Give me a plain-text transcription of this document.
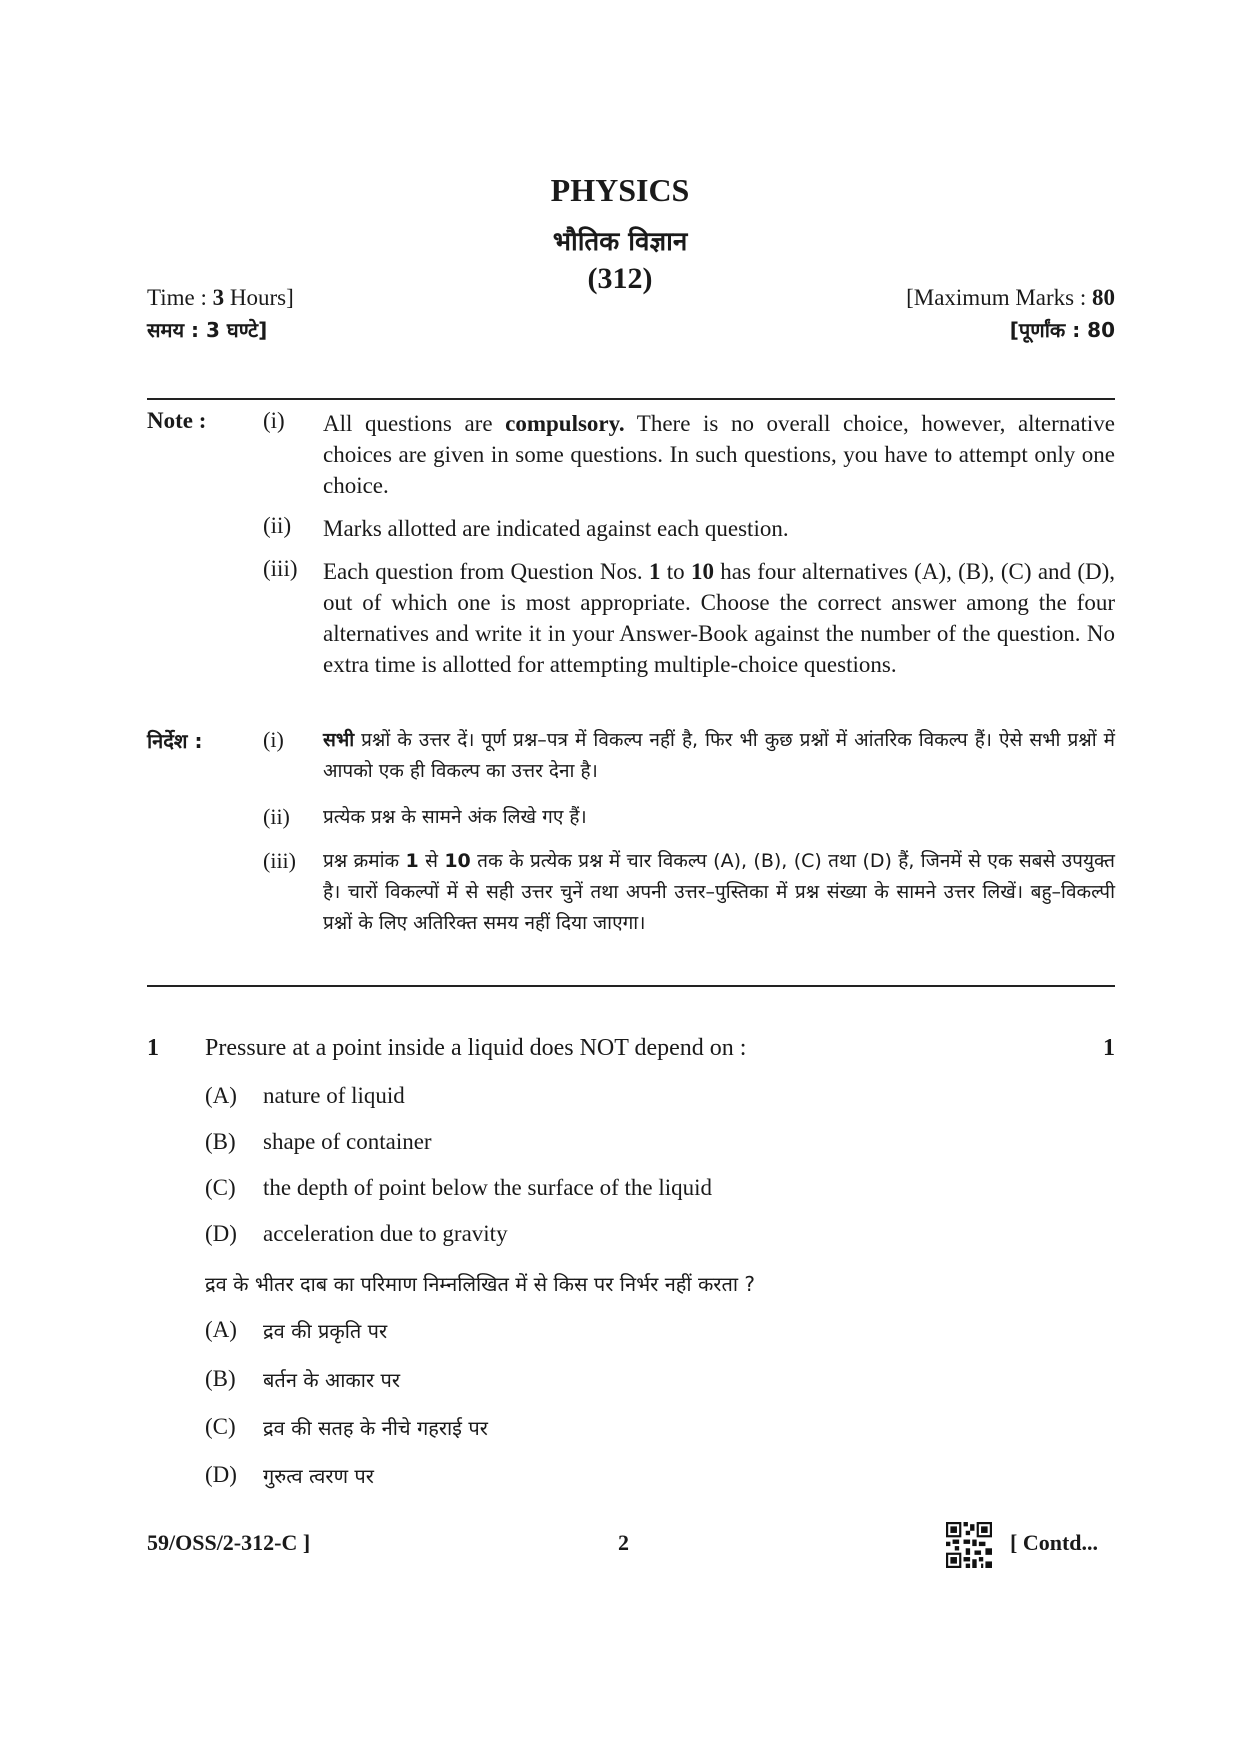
PHYSICS
भौतिक विज्ञान
(312)
Time : 3 Hours]	[Maximum Marks : 80
समय : 3 घण्टे]	[पूर्णांक : 80
Note : (i) All questions are compulsory. There is no overall choice, however, alternative choices are given in some questions. In such questions, you have to attempt only one choice.
(ii) Marks allotted are indicated against each question.
(iii) Each question from Question Nos. 1 to 10 has four alternatives (A), (B), (C) and (D), out of which one is most appropriate. Choose the correct answer among the four alternatives and write it in your Answer-Book against the number of the question. No extra time is allotted for attempting multiple-choice questions.
निर्देश :	(i) सभी प्रश्नों के उत्तर दें। पूर्ण प्रश्न–पत्र में विकल्प नहीं है, फिर भी कुछ प्रश्नों में आंतरिक विकल्प हैं। ऐसे सभी प्रश्नों में आपको एक ही विकल्प का उत्तर देना है।
(ii) प्रत्येक प्रश्न के सामने अंक लिखे गए हैं।
(iii) प्रश्न क्रमांक 1 से 10 तक के प्रत्येक प्रश्न में चार विकल्प (A), (B), (C) तथा (D) हैं, जिनमें से एक सबसे उपयुक्त है। चारों विकल्पों में से सही उत्तर चुनें तथा अपनी उत्तर–पुस्तिका में प्रश्न संख्या के सामने उत्तर लिखें। बहु–विकल्पी प्रश्नों के लिए अतिरिक्त समय नहीं दिया जाएगा।
1 Pressure at a point inside a liquid does NOT depend on :	1
(A) nature of liquid
(B) shape of container
(C) the depth of point below the surface of the liquid
(D) acceleration due to gravity
द्रव के भीतर दाब का परिमाण निम्नलिखित में से किस पर निर्भर नहीं करता ?
(A) द्रव की प्रकृति पर
(B) बर्तन के आकार पर
(C) द्रव की सतह के नीचे गहराई पर
(D) गुरुत्व त्वरण पर
59/OSS/2-312-C ]	2	[ Contd...
